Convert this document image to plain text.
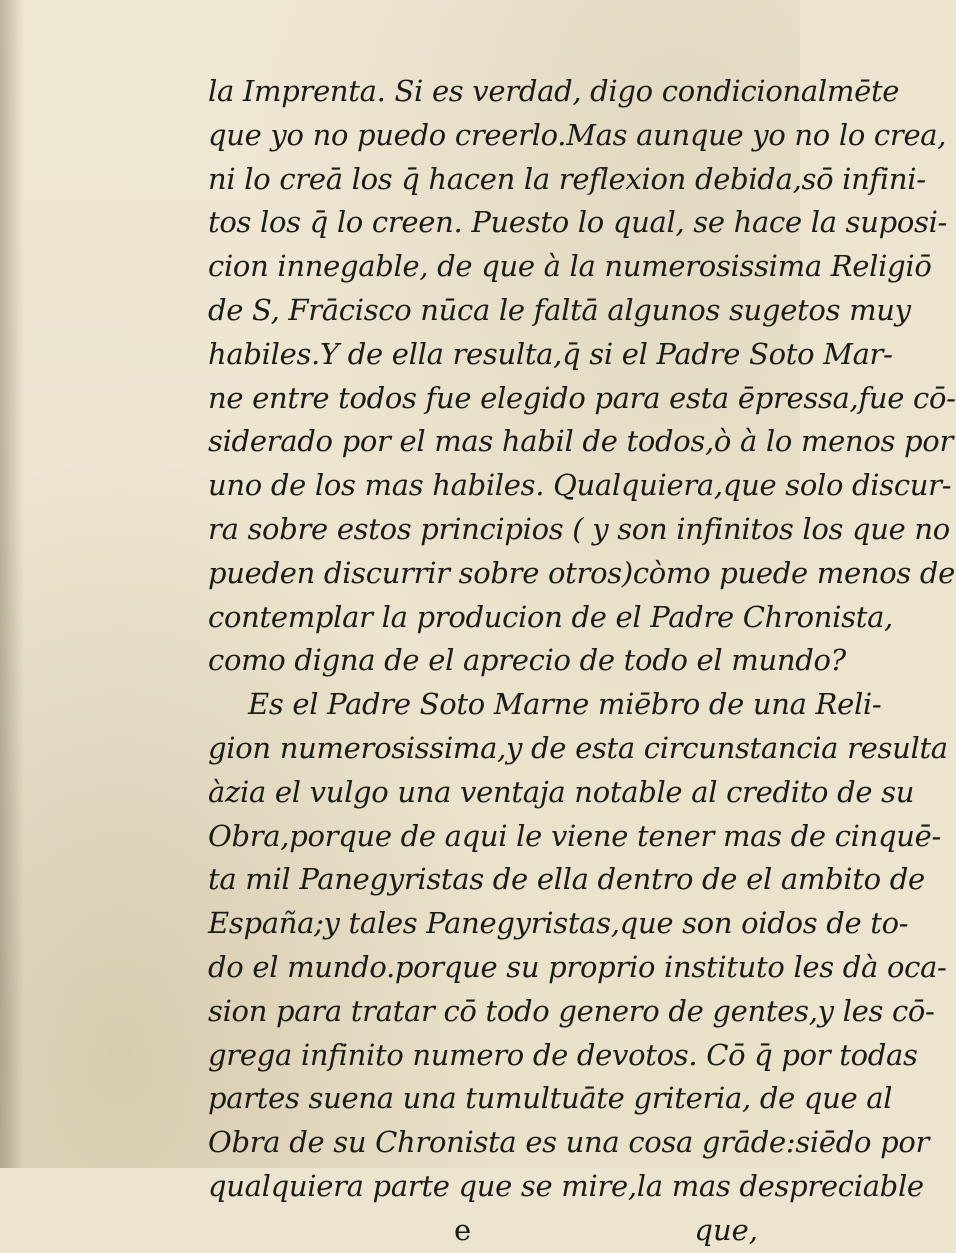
la Imprenta. Si es verdad, digo condicionalmēte
que yo no puedo creerlo.Mas aunque yo no lo crea,
ni lo creā los q̄ hacen la reflexion debida,sō infini-
tos los q̄ lo creen. Puesto lo qual, se hace la suposi-
cion innegable, de que à la numerosissima Religiō
de S, Frācisco nūca le faltā algunos sugetos muy
habiles.Y de ella resulta,q̄ si el Padre Soto Mar-
ne entre todos fue elegido para esta ēpressa,fue cō-
siderado por el mas habil de todos,ò à lo menos por
uno de los mas habiles. Qualquiera,que solo discur-
ra sobre estos principios ( y son infinitos los que no
pueden discurrir sobre otros)còmo puede menos de
contemplar la producion de el Padre Chronista,
como digna de el aprecio de todo el mundo?
Es el Padre Soto Marne miēbro de una Reli-
gion numerosissima,y de esta circunstancia resulta
àzia el vulgo una ventaja notable al credito de su
Obra,porque de aqui le viene tener mas de cinquē-
ta mil Panegyristas de ella dentro de el ambito de
España;y tales Panegyristas,que son oidos de to-
do el mundo.porque su proprio instituto les dà oca-
sion para tratar cō todo genero de gentes,y les cō-
grega infinito numero de devotos. Cō q̄ por todas
partes suena una tumultuāte griteria, de que al
Obra de su Chronista es una cosa grāde:siēdo por
qualquiera parte que se mire,la mas despreciable
e	que,
